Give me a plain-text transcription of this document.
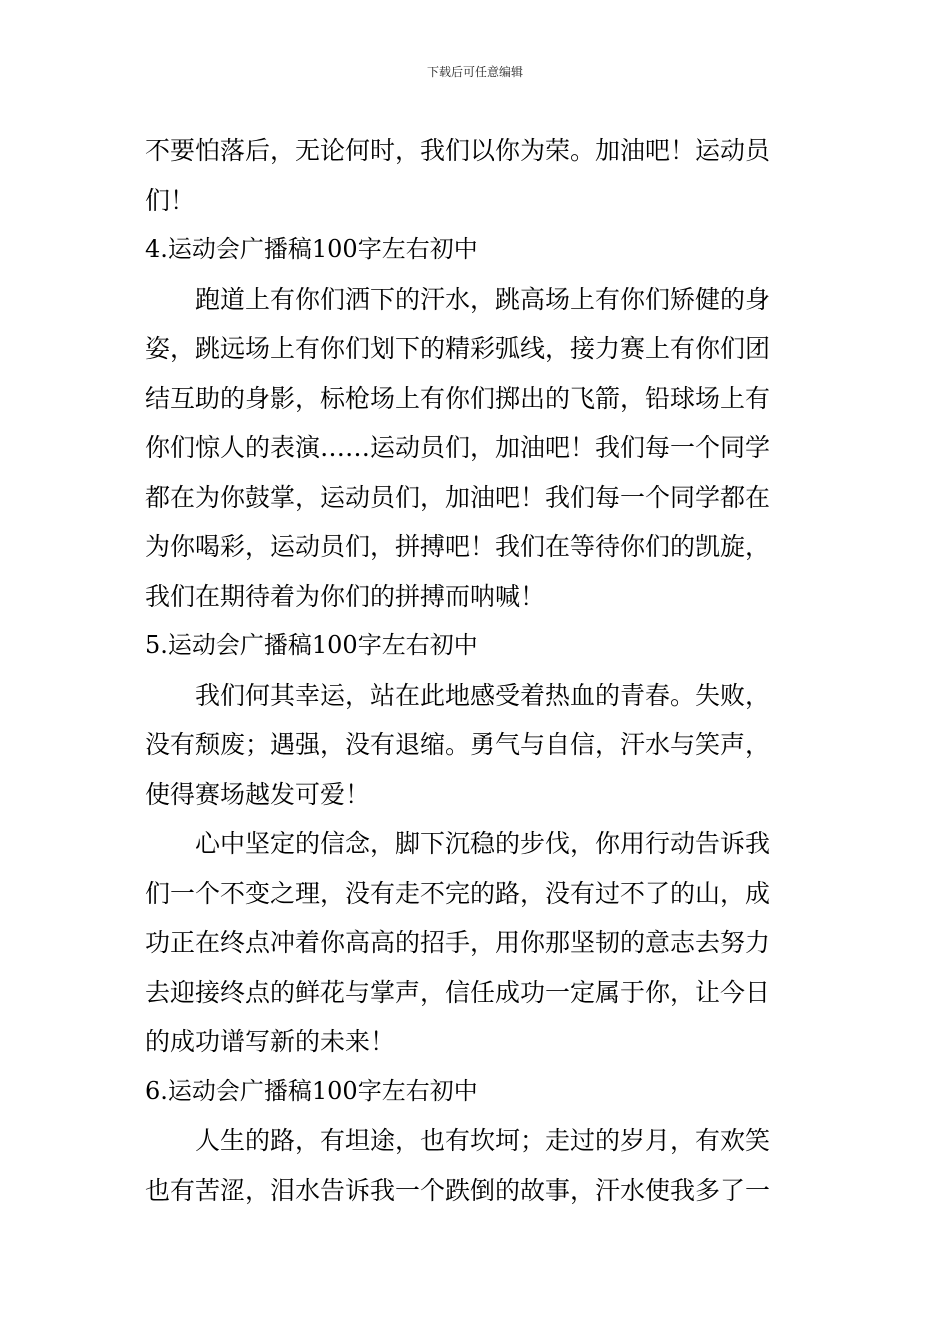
下载后可任意编辑
不要怕落后，无论何时，我们以你为荣。加油吧！运动员
们！
4.运动会广播稿100字左右初中
　　跑道上有你们洒下的汗水，跳高场上有你们矫健的身
姿，跳远场上有你们划下的精彩弧线，接力赛上有你们团
结互助的身影，标枪场上有你们掷出的飞箭，铅球场上有
你们惊人的表演……运动员们，加油吧！我们每一个同学
都在为你鼓掌，运动员们，加油吧！我们每一个同学都在
为你喝彩，运动员们，拼搏吧！我们在等待你们的凯旋，
我们在期待着为你们的拼搏而呐喊！
5.运动会广播稿100字左右初中
　　我们何其幸运，站在此地感受着热血的青春。失败，
没有颓废；遇强，没有退缩。勇气与自信，汗水与笑声，
使得赛场越发可爱！
　　心中坚定的信念，脚下沉稳的步伐，你用行动告诉我
们一个不变之理，没有走不完的路，没有过不了的山，成
功正在终点冲着你高高的招手，用你那坚韧的意志去努力
去迎接终点的鲜花与掌声，信任成功一定属于你，让今日
的成功谱写新的未来！
6.运动会广播稿100字左右初中
　　人生的路，有坦途，也有坎坷；走过的岁月，有欢笑
也有苦涩，泪水告诉我一个跌倒的故事，汗水使我多了一
